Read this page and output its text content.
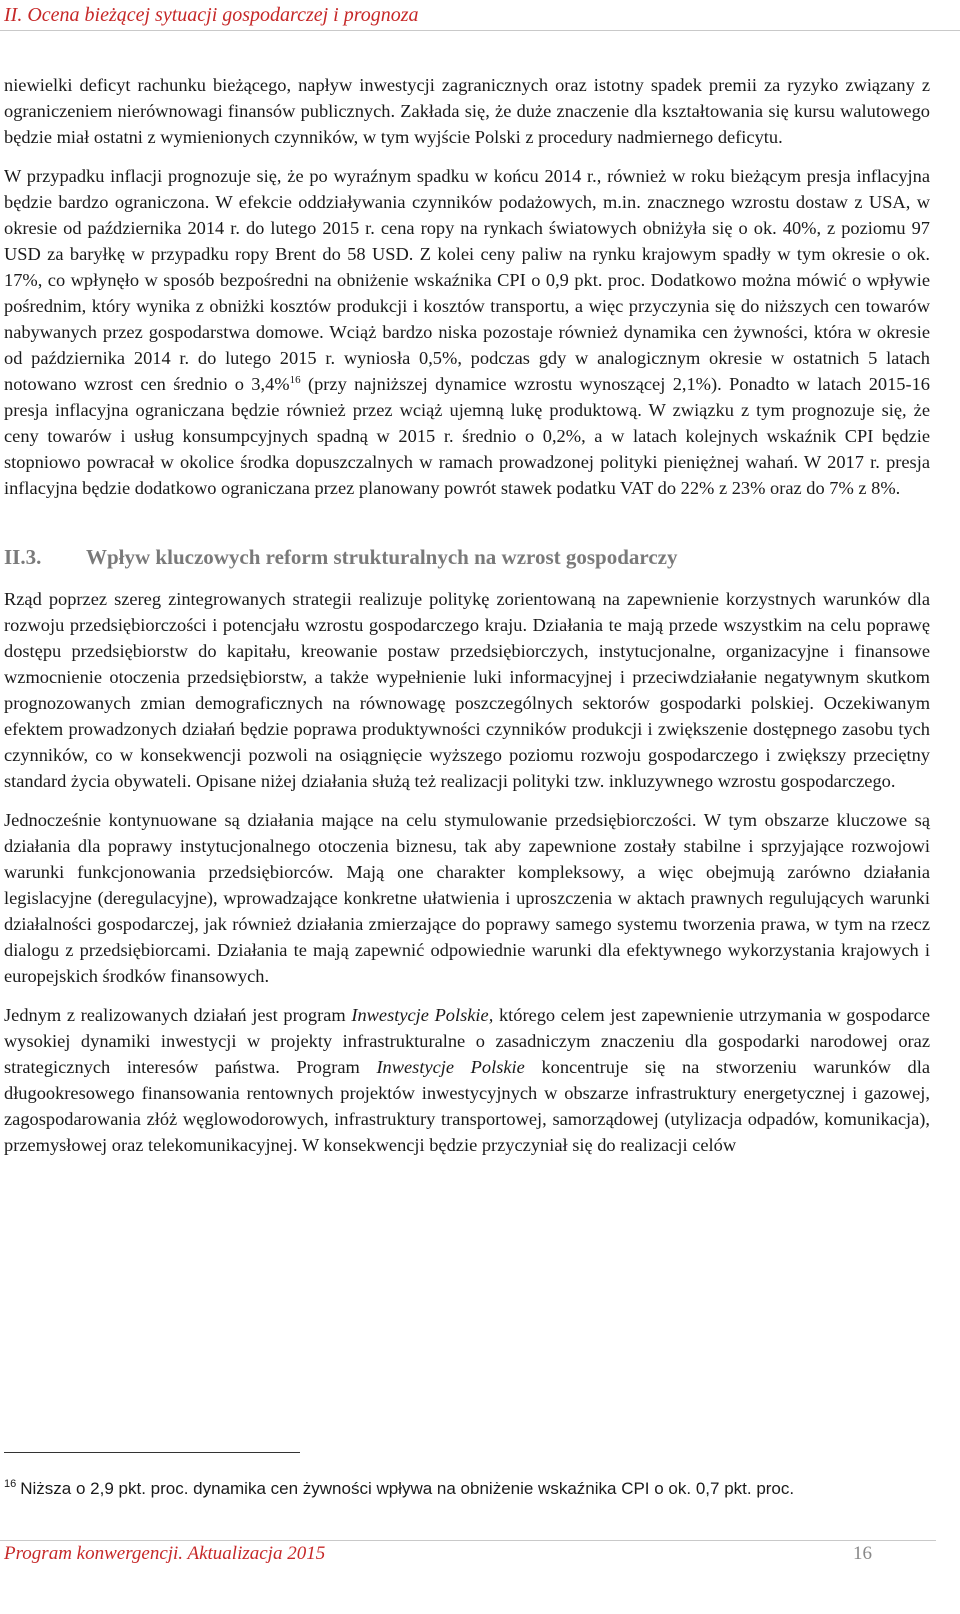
II. Ocena bieżącej sytuacji gospodarczej i prognoza

niewielki deficyt rachunku bieżącego, napływ inwestycji zagranicznych oraz istotny spadek premii za ryzyko związany z ograniczeniem nierównowagi finansów publicznych. Zakłada się, że duże znaczenie dla kształtowania się kursu walutowego będzie miał ostatni z wymienionych czynników, w tym wyjście Polski z procedury nadmiernego deficytu.

W przypadku inflacji prognozuje się, że po wyraźnym spadku w końcu 2014 r., również w roku bieżącym presja inflacyjna będzie bardzo ograniczona. W efekcie oddziaływania czynników podażowych, m.in. znacznego wzrostu dostaw z USA, w okresie od października 2014 r. do lutego 2015 r. cena ropy na rynkach światowych obniżyła się o ok. 40%, z poziomu 97 USD za baryłkę w przypadku ropy Brent do 58 USD. Z kolei ceny paliw na rynku krajowym spadły w tym okresie o ok. 17%, co wpłynęło w sposób bezpośredni na obniżenie wskaźnika CPI o 0,9 pkt. proc. Dodatkowo można mówić o wpływie pośrednim, który wynika z obniżki kosztów produkcji i kosztów transportu, a więc przyczynia się do niższych cen towarów nabywanych przez gospodarstwa domowe. Wciąż bardzo niska pozostaje również dynamika cen żywności, która w okresie od października 2014 r. do lutego 2015 r. wyniosła 0,5%, podczas gdy w analogicznym okresie w ostatnich 5 latach notowano wzrost cen średnio o 3,4%$^{16}$ (przy najniższej dynamice wzrostu wynoszącej 2,1%). Ponadto w latach 2015-16 presja inflacyjna ograniczana będzie również przez wciąż ujemną lukę produktową. W związku z tym prognozuje się, że ceny towarów i usług konsumpcyjnych spadną w 2015 r. średnio o 0,2%, a w latach kolejnych wskaźnik CPI będzie stopniowo powracał w okolice środka dopuszczalnych w ramach prowadzonej polityki pieniężnej wahań. W 2017 r. presja inflacyjna będzie dodatkowo ograniczana przez planowany powrót stawek podatku VAT do 22% z 23% oraz do 7% z 8%.

II.3.	Wpływ kluczowych reform strukturalnych na wzrost gospodarczy

Rząd poprzez szereg zintegrowanych strategii realizuje politykę zorientowaną na zapewnienie korzystnych warunków dla rozwoju przedsiębiorczości i potencjału wzrostu gospodarczego kraju. Działania te mają przede wszystkim na celu poprawę dostępu przedsiębiorstw do kapitału, kreowanie postaw przedsiębiorczych, instytucjonalne, organizacyjne i finansowe wzmocnienie otoczenia przedsiębiorstw, a także wypełnienie luki informacyjnej i przeciwdziałanie negatywnym skutkom prognozowanych zmian demograficznych na równowagę poszczególnych sektorów gospodarki polskiej. Oczekiwanym efektem prowadzonych działań będzie poprawa produktywności czynników produkcji i zwiększenie dostępnego zasobu tych czynników, co w konsekwencji pozwoli na osiągnięcie wyższego poziomu rozwoju gospodarczego i zwiększy przeciętny standard życia obywateli. Opisane niżej działania służą też realizacji polityki tzw. inkluzywnego wzrostu gospodarczego.

Jednocześnie kontynuowane są działania mające na celu stymulowanie przedsiębiorczości. W tym obszarze kluczowe są działania dla poprawy instytucjonalnego otoczenia biznesu, tak aby zapewnione zostały stabilne i sprzyjające rozwojowi warunki funkcjonowania przedsiębiorców. Mają one charakter kompleksowy, a więc obejmują zarówno działania legislacyjne (deregulacyjne), wprowadzające konkretne ułatwienia i uproszczenia w aktach prawnych regulujących warunki działalności gospodarczej, jak również działania zmierzające do poprawy samego systemu tworzenia prawa, w tym na rzecz dialogu z przedsiębiorcami. Działania te mają zapewnić odpowiednie warunki dla efektywnego wykorzystania krajowych i europejskich środków finansowych.

Jednym z realizowanych działań jest program Inwestycje Polskie, którego celem jest zapewnienie utrzymania w gospodarce wysokiej dynamiki inwestycji w projekty infrastrukturalne o zasadniczym znaczeniu dla gospodarki narodowej oraz strategicznych interesów państwa. Program Inwestycje Polskie koncentruje się na stworzeniu warunków dla długookresowego finansowania rentownych projektów inwestycyjnych w obszarze infrastruktury energetycznej i gazowej, zagospodarowania złóż węglowodorowych, infrastruktury transportowej, samorządowej (utylizacja odpadów, komunikacja), przemysłowej oraz telekomunikacyjnej. W konsekwencji będzie przyczyniał się do realizacji celów

$^{16}$ Niższa o 2,9 pkt. proc. dynamika cen żywności wpływa na obniżenie wskaźnika CPI o ok. 0,7 pkt. proc.
Program konwergencji. Aktualizacja 2015	16
